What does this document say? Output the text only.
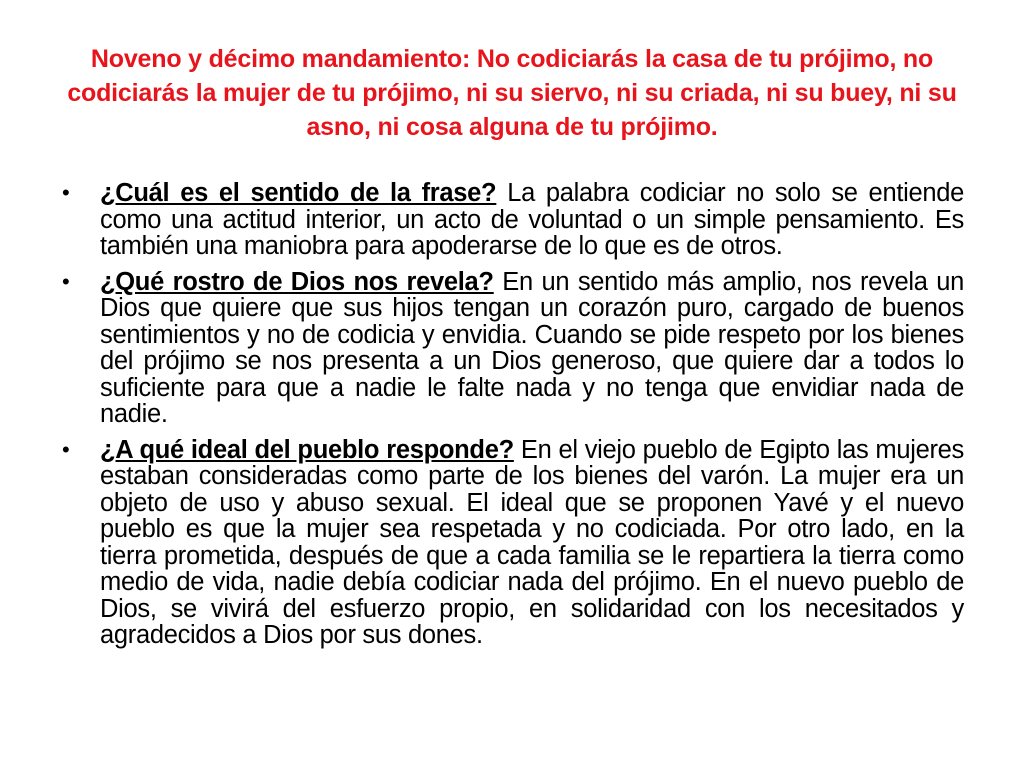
Noveno y décimo mandamiento: No codiciarás la casa de tu prójimo, no codiciarás la mujer de tu prójimo, ni su siervo, ni su criada, ni su buey, ni su asno, ni cosa alguna de tu prójimo.
• ¿Cuál es el sentido de la frase? La palabra codiciar no solo se entiende como una actitud interior, un acto de voluntad o un simple pensamiento. Es también una maniobra para apoderarse de lo que es de otros.
• ¿Qué rostro de Dios nos revela? En un sentido más amplio, nos revela un Dios que quiere que sus hijos tengan un corazón puro, cargado de buenos sentimientos y no de codicia y envidia. Cuando se pide respeto por los bienes del prójimo se nos presenta a un Dios generoso, que quiere dar a todos lo suficiente para que a nadie le falte nada y no tenga que envidiar nada de nadie.
• ¿A qué ideal del pueblo responde? En el viejo pueblo de Egipto las mujeres estaban consideradas como parte de los bienes del varón. La mujer era un objeto de uso y abuso sexual. El ideal que se proponen Yavé y el nuevo pueblo es que la mujer sea respetada y no codiciada. Por otro lado, en la tierra prometida, después de que a cada familia se le repartiera la tierra como medio de vida, nadie debía codiciar nada del prójimo. En el nuevo pueblo de Dios, se vivirá del esfuerzo propio, en solidaridad con los necesitados y agradecidos a Dios por sus dones.
